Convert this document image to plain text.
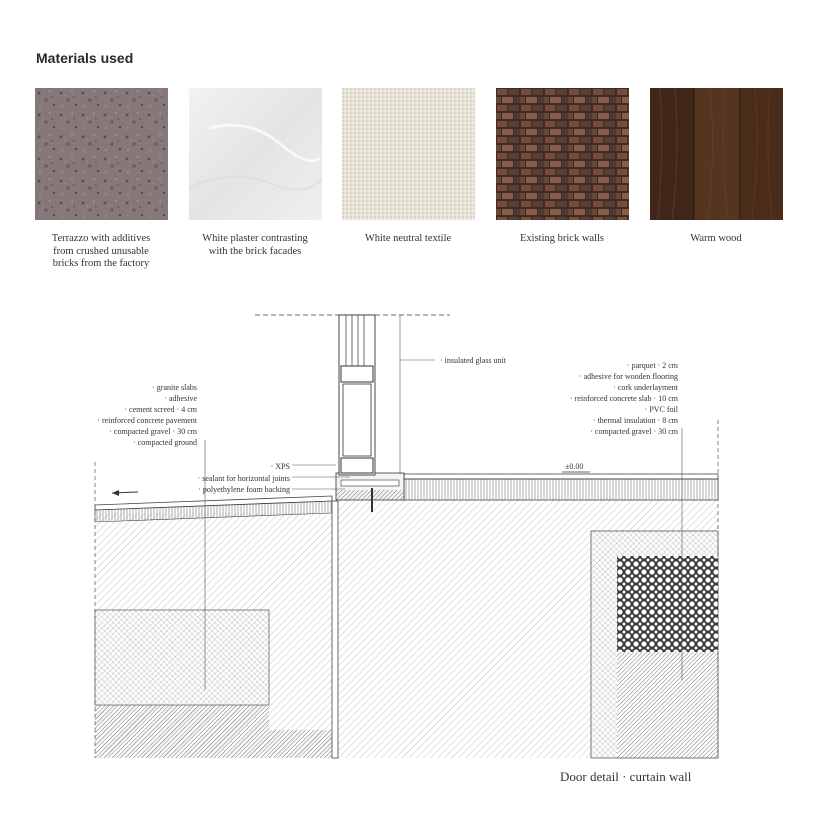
Materials used
Terrazzo with additives
from crushed unusable
bricks from the factory
White plaster contrasting
with the brick facades
White neutral textile	Existing brick walls	Warm wood
· granite slabs
· adhesive
· cement screed · 4 cm
· reinforced concrete pavement
· compacted gravel · 30 cm
· compacted ground
· XPS
· sealant for horizontal joints
· polyethylene foam backing
· insulated glass unit
· parquet · 2 cm
· adhesive for wooden flooring
· cork underlayment
· reinforced concrete slab · 10 cm
· PVC foil
· thermal insulation · 8 cm
· compacted gravel · 30 cm
±0.00
Door detail · curtain wall
